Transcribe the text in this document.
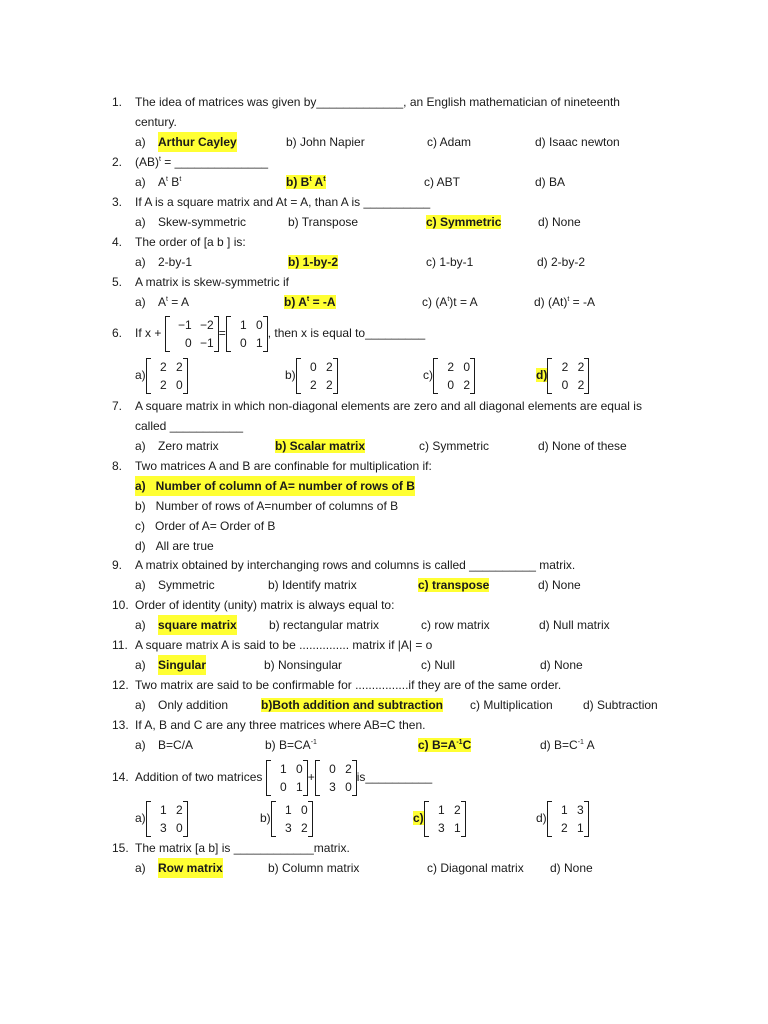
1. The idea of matrices was given by_____________, an English mathematician of nineteenth
century.
a) Arthur Cayley	b) John Napier	c) Adam	d) Isaac newton
2. (AB)$^t$ = ______________
a) $A^t$ $B^t$	b) $B^t$ $A^t$	c) ABT	d) BA
3. If A is a square matrix and At = A, than A is __________
a) Skew-symmetric	b) Transpose	c) Symmetric	d) None
4. The order of [a b ] is:
a) 2-by-1	b) 1-by-2	c) 1-by-1	d) 2-by-2
5. A matrix is skew-symmetric if
a) $A^t = A$	b) $A^t = -A$	c) $(A^t)t = A$	d) $(At)^t = -A$
6. If x +
−1 −2
0 −1
=
1 0
0 1
, then x is equal to_________
a)
2 2
2 0
b)
0 2
2 2
c)
2 0
0 2
d)
2 2
0 2
7. A square matrix in which non-diagonal elements are zero and all diagonal elements are equal is
called ___________
a) Zero matrix	b) Scalar matrix	c) Symmetric	d) None of these
8. Two matrices A and B are confinable for multiplication if:
a) Number of column of A= number of rows of B
b) Number of rows of A=number of columns of B
c) Order of A= Order of B
d) All are true
9. A matrix obtained by interchanging rows and columns is called __________ matrix.
a) Symmetric	b) Identify matrix	c) transpose	d) None
10. Order of identity (unity) matrix is always equal to:
a) square matrix	b) rectangular matrix	c) row matrix	d) Null matrix
11. A square matrix A is said to be ............... matrix if |A| = o
a) Singular	b) Nonsingular	c) Null	d) None
12. Two matrix are said to be confirmable for ................if they are of the same order.
a) Only addition	b)Both addition and subtraction c) Multiplication	d) Subtraction
13. If A, B and C are any three matrices where AB=C then.
a) B=C/A	b) $B=CA^{-1}$	c) $B=A^{-1}C$	d) $B=C^{-1}$ A
14. Addition of two matrices
1 0
0 1
+
0 2
3 0
is__________
a)
1 2
3 0
b)
1 0
3 2
c)
1 2
3 1
d)
1 3
2 1
15. The matrix [a b] is ____________matrix.
a) Row matrix	b) Column matrix	c) Diagonal matrix d) None
